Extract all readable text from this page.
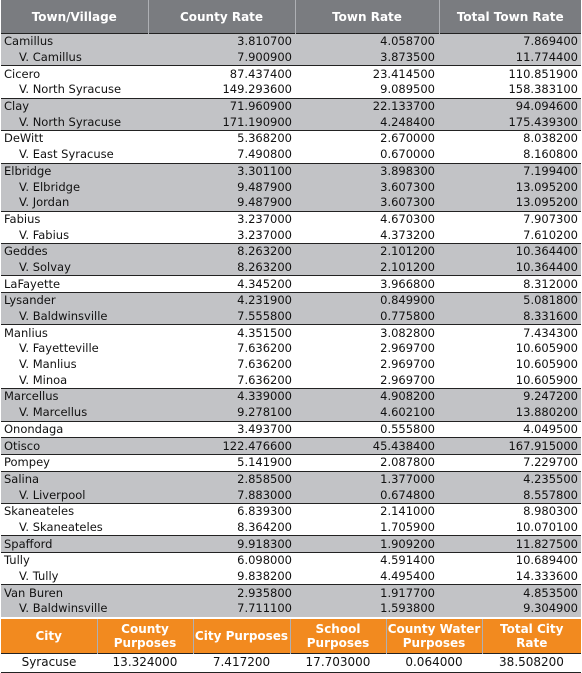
Town/Village	County Rate	Town Rate	Total Town Rate
Camillus	3.810700	4.058700	7.869400
V. Camillus	7.900900	3.873500	11.774400
Cicero	87.437400	23.414500	110.851900
V. North Syracuse	149.293600	9.089500	158.383100
Clay	71.960900	22.133700	94.094600
V. North Syracuse	171.190900	4.248400	175.439300
DeWitt	5.368200	2.670000	8.038200
V. East Syracuse	7.490800	0.670000	8.160800
Elbridge	3.301100	3.898300	7.199400
V. Elbridge	9.487900	3.607300	13.095200
V. Jordan	9.487900	3.607300	13.095200
Fabius	3.237000	4.670300	7.907300
V. Fabius	3.237000	4.373200	7.610200
Geddes	8.263200	2.101200	10.364400
V. Solvay	8.263200	2.101200	10.364400
LaFayette	4.345200	3.966800	8.312000
Lysander	4.231900	0.849900	5.081800
V. Baldwinsville	7.555800	0.775800	8.331600
Manlius	4.351500	3.082800	7.434300
V. Fayetteville	7.636200	2.969700	10.605900
V. Manlius	7.636200	2.969700	10.605900
V. Minoa	7.636200	2.969700	10.605900
Marcellus	4.339000	4.908200	9.247200
V. Marcellus	9.278100	4.602100	13.880200
Onondaga	3.493700	0.555800	4.049500
Otisco	122.476600	45.438400	167.915000
Pompey	5.141900	2.087800	7.229700
Salina	2.858500	1.377000	4.235500
V. Liverpool	7.883000	0.674800	8.557800
Skaneateles	6.839300	2.141000	8.980300
V. Skaneateles	8.364200	1.705900	10.070100
Spafford	9.918300	1.909200	11.827500
Tully	6.098000	4.591400	10.689400
V. Tully	9.838200	4.495400	14.333600
Van Buren	2.935800	1.917700	4.853500
V. Baldwinsville	7.711100	1.593800	9.304900
City	County Purposes	City Purposes	School Purposes	County Water Purposes	Total City Rate
Syracuse	13.324000	7.417200	17.703000	0.064000	38.508200
